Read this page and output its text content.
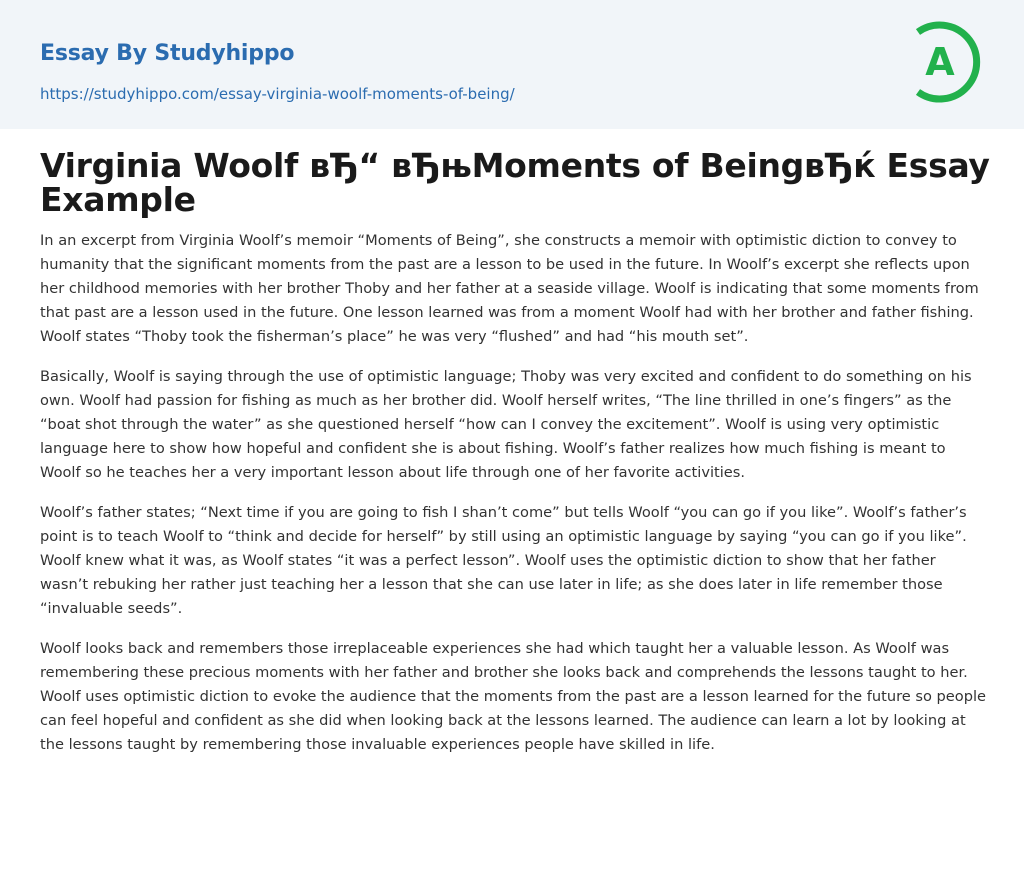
Essay By Studyhippo
https://studyhippo.com/essay-virginia-woolf-moments-of-being/
A
Virginia Woolf вЂ“ вЂњMoments of BeingвЂќ Essay Example

In an excerpt from Virginia Woolf’s memoir “Moments of Being”, she constructs a memoir with optimistic diction to convey to humanity that the significant moments from the past are a lesson to be used in the future. In Woolf’s excerpt she reflects upon her childhood memories with her brother Thoby and her father at a seaside village. Woolf is indicating that some moments from that past are a lesson used in the future. One lesson learned was from a moment Woolf had with her brother and father fishing. Woolf states “Thoby took the fisherman’s place” he was very “flushed” and had “his mouth set”.

Basically, Woolf is saying through the use of optimistic language; Thoby was very excited and confident to do something on his own. Woolf had passion for fishing as much as her brother did. Woolf herself writes, “The line thrilled in one’s fingers” as the “boat shot through the water” as she questioned herself “how can I convey the excitement”. Woolf is using very optimistic language here to show how hopeful and confident she is about fishing. Woolf’s father realizes how much fishing is meant to Woolf so he teaches her a very important lesson about life through one of her favorite activities.

Woolf’s father states; “Next time if you are going to fish I shan’t come” but tells Woolf “you can go if you like”. Woolf’s father’s point is to teach Woolf to “think and decide for herself” by still using an optimistic language by saying “you can go if you like”. Woolf knew what it was, as Woolf states “it was a perfect lesson”. Woolf uses the optimistic diction to show that her father wasn’t rebuking her rather just teaching her a lesson that she can use later in life; as she does later in life remember those “invaluable seeds”.

Woolf looks back and remembers those irreplaceable experiences she had which taught her a valuable lesson. As Woolf was remembering these precious moments with her father and brother she looks back and comprehends the lessons taught to her. Woolf uses optimistic diction to evoke the audience that the moments from the past are a lesson learned for the future so people can feel hopeful and confident as she did when looking back at the lessons learned. The audience can learn a lot by looking at the lessons taught by remembering those invaluable experiences people have skilled in life.
